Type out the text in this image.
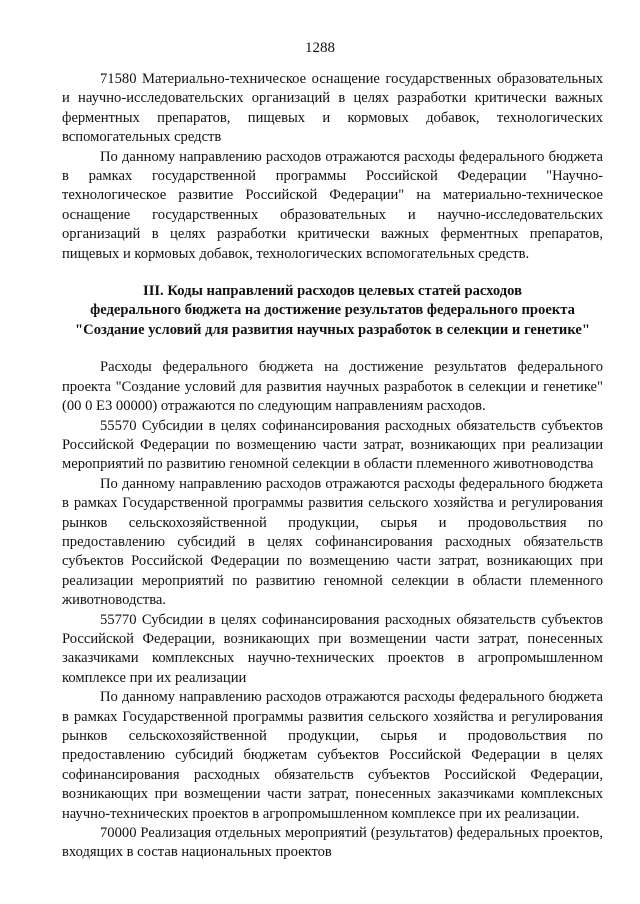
1288

71580 Материально-техническое оснащение государственных образовательных и научно-исследовательских организаций в целях разработки критически важных ферментных препаратов, пищевых и кормовых добавок, технологических вспомогательных средств

По данному направлению расходов отражаются расходы федерального бюджета в рамках государственной программы Российской Федерации "Научно-технологическое развитие Российской Федерации" на материально-техническое оснащение государственных образовательных и научно-исследовательских организаций в целях разработки критически важных ферментных препаратов, пищевых и кормовых добавок, технологических вспомогательных средств.

III. Коды направлений расходов целевых статей расходов

федерального бюджета на достижение результатов федерального проекта

"Создание условий для развития научных разработок в селекции и генетике"

Расходы федерального бюджета на достижение результатов федерального проекта "Создание условий для развития научных разработок в селекции и генетике" (00 0 Е3 00000) отражаются по следующим направлениям расходов.

55570 Субсидии в целях софинансирования расходных обязательств субъектов Российской Федерации по возмещению части затрат, возникающих при реализации мероприятий по развитию геномной селекции в области племенного животноводства

По данному направлению расходов отражаются расходы федерального бюджета в рамках Государственной программы развития сельского хозяйства и регулирования рынков сельскохозяйственной продукции, сырья и продовольствия по предоставлению субсидий в целях софинансирования расходных обязательств субъектов Российской Федерации по возмещению части затрат, возникающих при реализации мероприятий по развитию геномной селекции в области племенного животноводства.

55770 Субсидии в целях софинансирования расходных обязательств субъектов Российской Федерации, возникающих при возмещении части затрат, понесенных заказчиками комплексных научно-технических проектов в агропромышленном комплексе при их реализации

По данному направлению расходов отражаются расходы федерального бюджета в рамках Государственной программы развития сельского хозяйства и регулирования рынков сельскохозяйственной продукции, сырья и продовольствия по предоставлению субсидий бюджетам субъектов Российской Федерации в целях софинансирования расходных обязательств субъектов Российской Федерации, возникающих при возмещении части затрат, понесенных заказчиками комплексных научно-технических проектов в агропромышленном комплексе при их реализации.

70000 Реализация отдельных мероприятий (результатов) федеральных проектов, входящих в состав национальных проектов
